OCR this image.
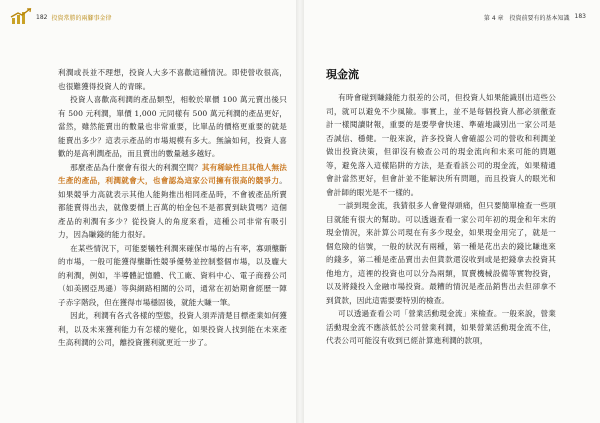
182 投資常勝的兩腳事金律

利潤或長並不理想，投資人大多不喜歡這種情況。即使營收很高，也很難獲得投資人的青睞。

投資人喜歡高利潤的產品類型，相較於單價 100 萬元賣出後只有 500 元利潤，單價 1,000 元同樣有 500 萬元利潤的產品更好，當然，雖然能賣出的數量也非常重要，比單品的價格更重要的就是能賣出多少？這表示產品的市場規模有多大。無論如何，投資人喜歡的是高利潤產品，而且賣出的數量越多越好。

那麼產品為什麼會有很大的利潤空間？其有稀缺性且其他人無法生產的產品，利潤就會大，也會認為這家公司擁有很高的競爭力。如果競爭力高就表示其他人能夠推出相同產品時，不會被產品所賣都能賣得出去，就像要價上百萬的柏金包不是都賣到缺貨嗎？這個產品的利潤有多少？從投資人的角度來看，這種公司非常有吸引力，因為賺錢的能力很好。

在某些情況下，可能要犧牲利潤來確保市場的占有率，寡頭壟斷的市場，一般可能獲得壟斷性競爭優勢並控制整個市場，以及龐大的利潤，例如，半導體記憶體、代工廠、資料中心、電子商務公司（如美國亞馬遜）等與網路相關的公司，通常在初始期會經歷一陣子赤字階段，但在獲得市場穩固後，就能大賺一筆。

因此，利潤有各式各樣的型態，投資人須弄清楚目標產業如何獲利，以及未來獲利能力有怎樣的變化，如果投資人找到能在未來產生高利潤的公司，離投資獲利就更近一步了。

第 4 章　投資前要有的基本知識 183
現金流

有時會碰到賺錢能力很差的公司，但投資人如果能識別出這些公司，就可以避免不少風險。事實上，並不是每個投資人都必須徹查計一樣閱讀財報，重要的是要學會快速、準確地識別出一家公司是否誠信、穩健。一般來說，許多投資人會確認公司的營收和利潤並做出投資決策，但卻沒有檢查公司的現金流向和未來可能的問題等，避免落入這樣陷阱的方法，是查看該公司的現金流，如果精通會計當然更好，但會計並不能解決所有問題，而且投資人的眼光和會計師的眼光是不一樣的。

一談到現金流，我猜很多人會覺得頭痛，但只要簡單檢查一些項目就能有很大的幫助。可以透過查看一家公司年初的現金和年末的現金情況，來計算公司現在有多少現金，如果現金用完了，就是一個危險的信號，一般的狀況有兩種，第一種是花出去的錢比賺進來的錢多，第二種是產品賣出去但貨款還沒收到或是把錢拿去投資其他地方，這裡的投資也可以分為兩類，買賣機械設備等實物投資，以及將錢投入金融市場投資。最糟的情況是產品銷售出去但卻拿不到貨款，因此這需要要特別的檢查。

可以透過查看公司「營業活動現金流」來檢查。一般來說，營業活動現金流不應該低於公司營業利潤，如果營業活動現金流不住，代表公司可能沒有收到已經計算進利潤的款項，
